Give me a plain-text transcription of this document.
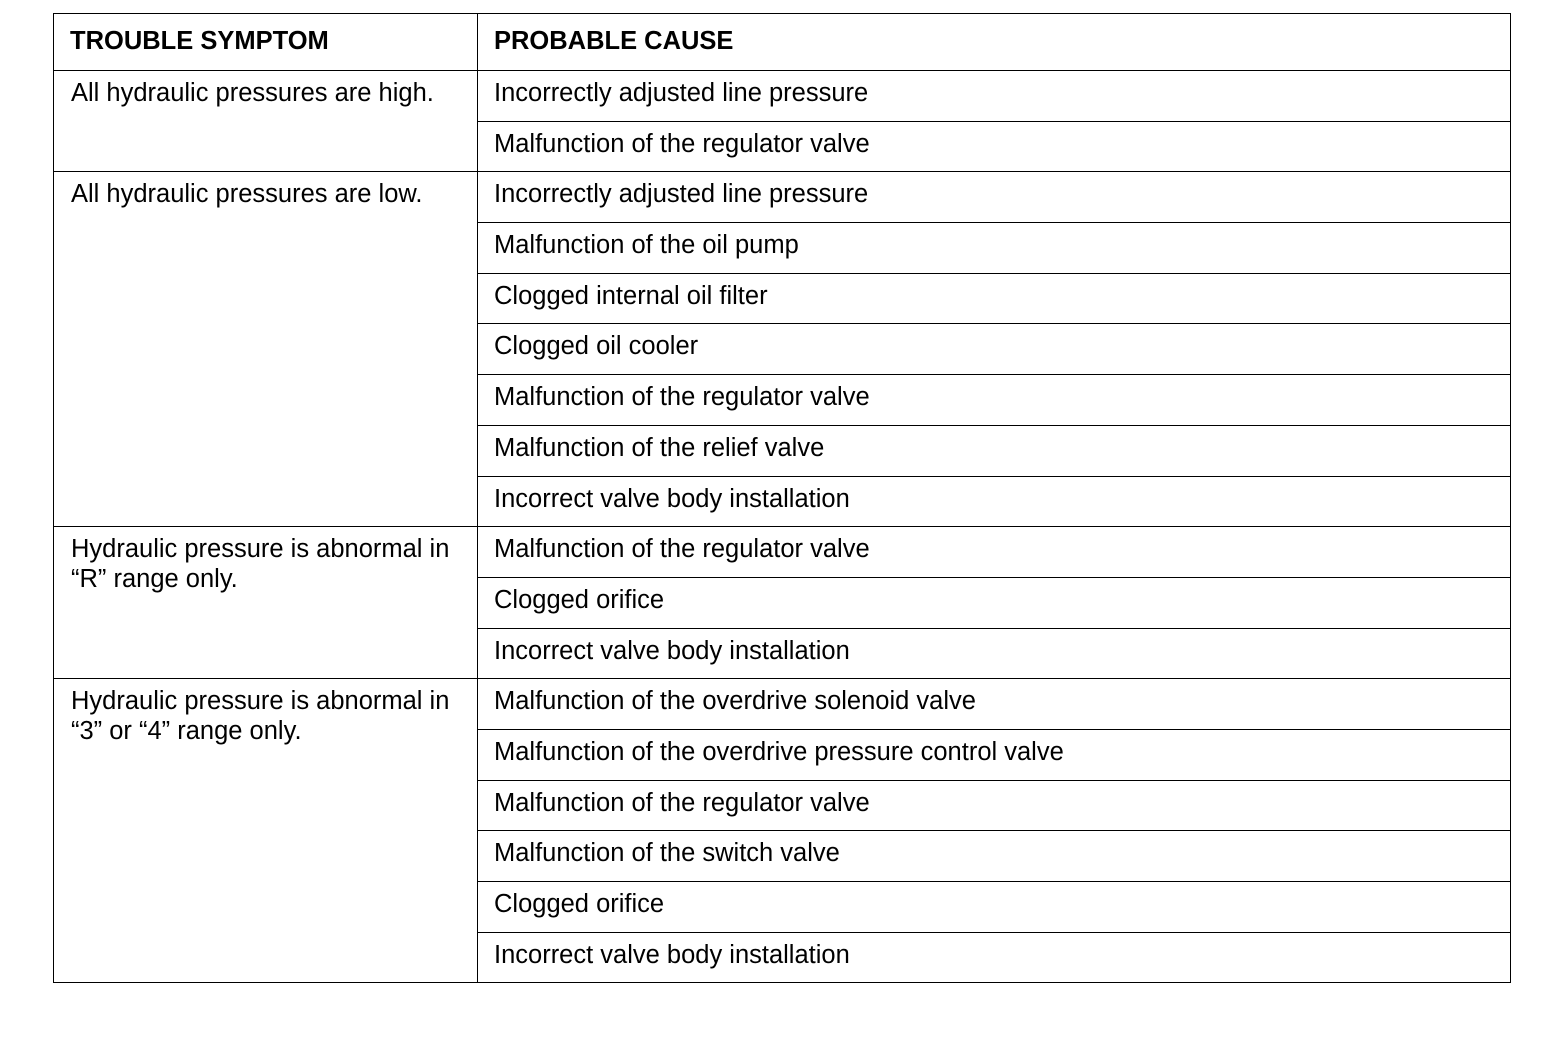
TROUBLE SYMPTOM	PROBABLE CAUSE
All hydraulic pressures are high.	Incorrectly adjusted line pressure
	Malfunction of the regulator valve
All hydraulic pressures are low.	Incorrectly adjusted line pressure
	Malfunction of the oil pump
	Clogged internal oil filter
	Clogged oil cooler
	Malfunction of the regulator valve
	Malfunction of the relief valve
	Incorrect valve body installation
Hydraulic pressure is abnormal in “R” range only.	Malfunction of the regulator valve
	Clogged orifice
	Incorrect valve body installation
Hydraulic pressure is abnormal in “3” or “4” range only.	Malfunction of the overdrive solenoid valve
	Malfunction of the overdrive pressure control valve
	Malfunction of the regulator valve
	Malfunction of the switch valve
	Clogged orifice
	Incorrect valve body installation
